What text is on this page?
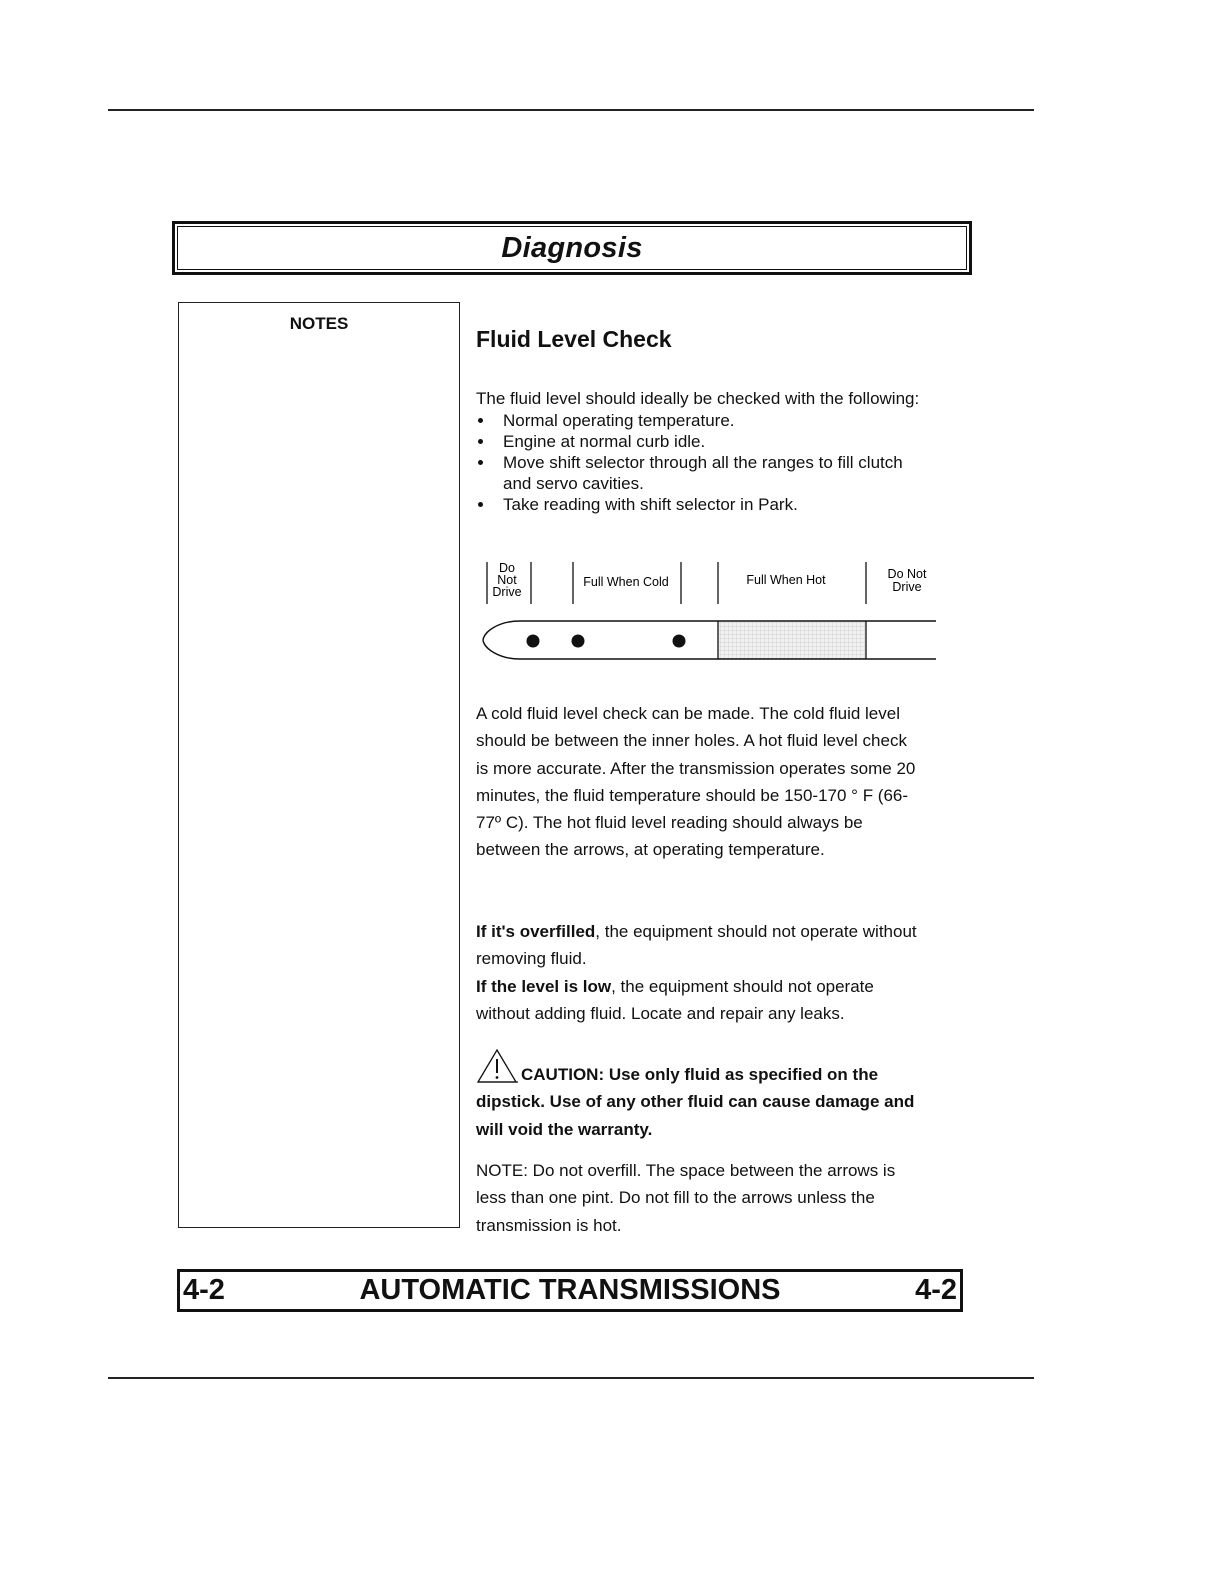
Diagnosis
NOTES
Fluid Level Check
The fluid level should ideally be checked with the following:
Normal operating temperature.
Engine at normal curb idle.
Move shift selector through all the ranges to fill clutch
and servo cavities.
Take reading with shift selector in Park.
Do
Not
Drive
Full When Cold	Full When Hot	Do Not
Drive
A cold fluid level check can be made. The cold fluid level
should be between the inner holes. A hot fluid level check
is more accurate. After the transmission operates some 20
minutes, the fluid temperature should be 150-170 ° F (66-
77º C). The hot fluid level reading should always be
between the arrows, at operating temperature.
If it's overfilled, the equipment should not operate without
removing fluid.
If the level is low, the equipment should not operate
without adding fluid. Locate and repair any leaks.
CAUTION: Use only fluid as specified on the
dipstick. Use of any other fluid can cause damage and
will void the warranty.
NOTE: Do not overfill. The space between the arrows is
less than one pint. Do not fill to the arrows unless the
transmission is hot.
4-2	AUTOMATIC TRANSMISSIONS	4-2
